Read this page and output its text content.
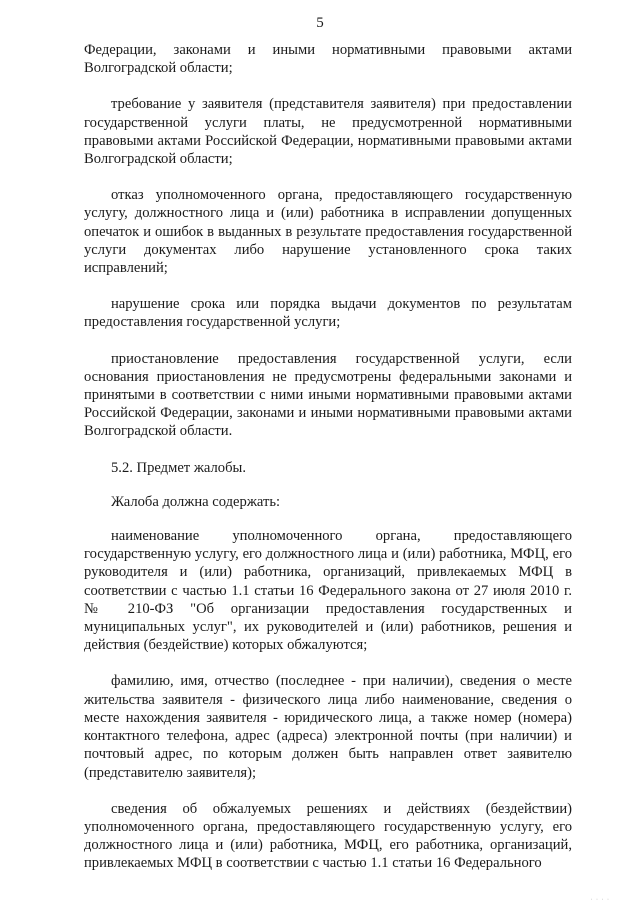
5

Федерации, законами и иными нормативными правовыми актами Волгоградской области;

требование у заявителя (представителя заявителя) при предоставлении государственной услуги платы, не предусмотренной нормативными правовыми актами Российской Федерации, нормативными правовыми актами Волгоградской области;

отказ уполномоченного органа, предоставляющего государственную услугу, должностного лица и (или) работника в исправлении допущенных опечаток и ошибок в выданных в результате предоставления государственной услуги документах либо нарушение установленного срока таких исправлений;

нарушение срока или порядка выдачи документов по результатам предоставления государственной услуги;

приостановление предоставления государственной услуги, если основания приостановления не предусмотрены федеральными законами и принятыми в соответствии с ними иными нормативными правовыми актами Российской Федерации, законами и иными нормативными правовыми актами Волгоградской области.

5.2. Предмет жалобы.

Жалоба должна содержать:

наименование уполномоченного органа, предоставляющего государственную услугу, его должностного лица и (или) работника, МФЦ, его руководителя и (или) работника, организаций, привлекаемых МФЦ в соответствии с частью 1.1 статьи 16 Федерального закона от 27 июля 2010 г. № 210-ФЗ "Об организации предоставления государственных и муниципальных услуг", их руководителей и (или) работников, решения и действия (бездействие) которых обжалуются;

фамилию, имя, отчество (последнее - при наличии), сведения о месте жительства заявителя - физического лица либо наименование, сведения о месте нахождения заявителя - юридического лица, а также номер (номера) контактного телефона, адрес (адреса) электронной почты (при наличии) и почтовый адрес, по которым должен быть направлен ответ заявителю (представителю заявителя);

сведения об обжалуемых решениях и действиях (бездействии) уполномоченного органа, предоставляющего государственную услугу, его должностного лица и (или) работника, МФЦ, его работника, организаций, привлекаемых МФЦ в соответствии с частью 1.1 статьи 16 Федерального

· · · ·
